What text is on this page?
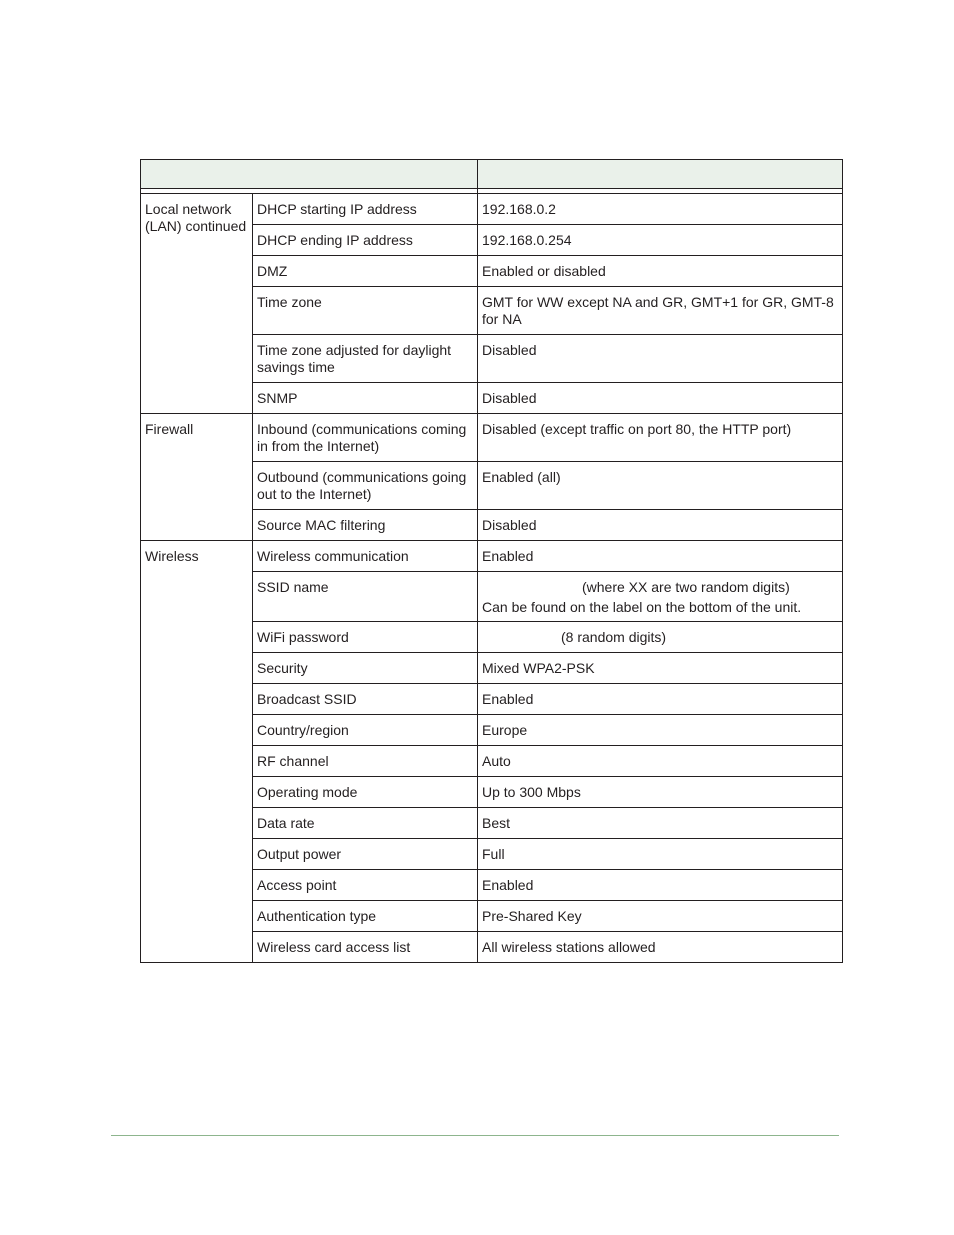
Local network (LAN) continued	DHCP starting IP address	192.168.0.2
	DHCP ending IP address	192.168.0.254
	DMZ	Enabled or disabled
	Time zone	GMT for WW except NA and GR, GMT+1 for GR, GMT-8 for NA
	Time zone adjusted for daylight savings time	Disabled
	SNMP	Disabled
Firewall	Inbound (communications coming in from the Internet)	Disabled (except traffic on port 80, the HTTP port)
	Outbound (communications going out to the Internet)	Enabled (all)
	Source MAC filtering	Disabled
Wireless	Wireless communication	Enabled
	SSID name	(where XX are two random digits)
Can be found on the label on the bottom of the unit.

	WiFi password	(8 random digits)
	Security	Mixed WPA2-PSK
	Broadcast SSID	Enabled
	Country/region	Europe
	RF channel	Auto
	Operating mode	Up to 300 Mbps
	Data rate	Best
	Output power	Full
	Access point	Enabled
	Authentication type	Pre-Shared Key
	Wireless card access list	All wireless stations allowed
